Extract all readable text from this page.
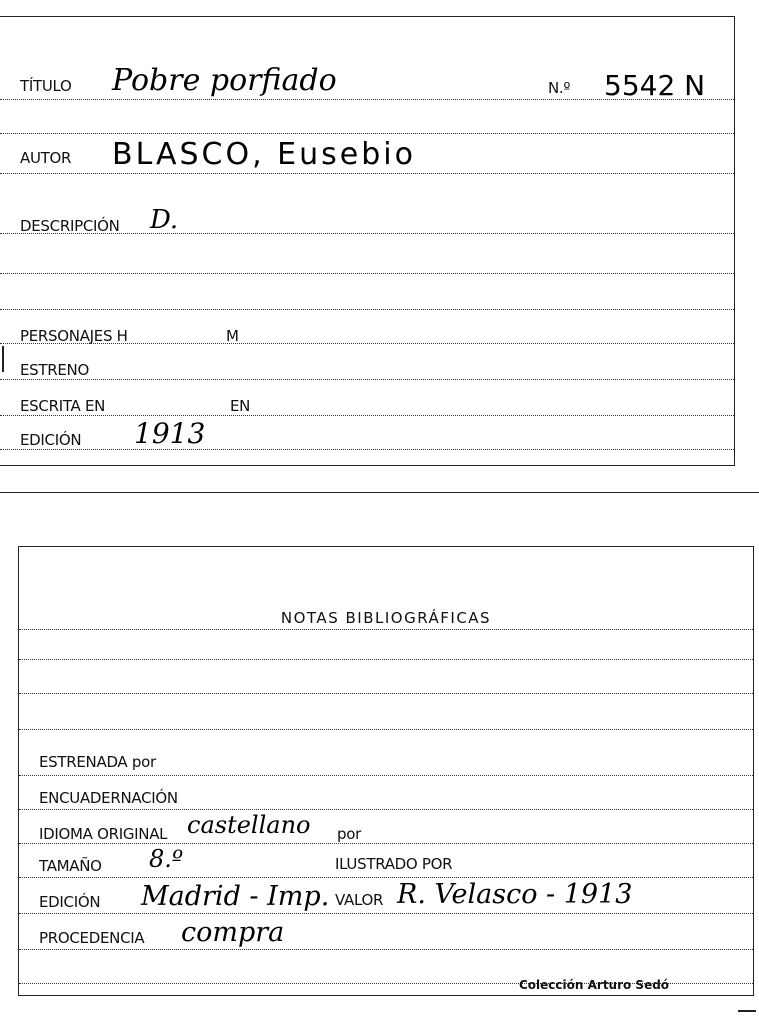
TÍTULO Pobre porfiado	N.º 5542 N
AUTOR BLASCO, Eusebio
DESCRIPCIÓN D.
PERSONAJES H	M
ESTRENO
ESCRITA EN	EN
EDICIÓN 1913
NOTAS BIBLIOGRÁFICAS
ESTRENADA por
ENCUADERNACIÓN
IDIOMA ORIGINAL castellano por
TAMAÑO 8.º	ILUSTRADO POR
EDICIÓN Madrid - Imp. VALOR R. Velasco - 1913
PROCEDENCIA compra
Colección Arturo Sedó
